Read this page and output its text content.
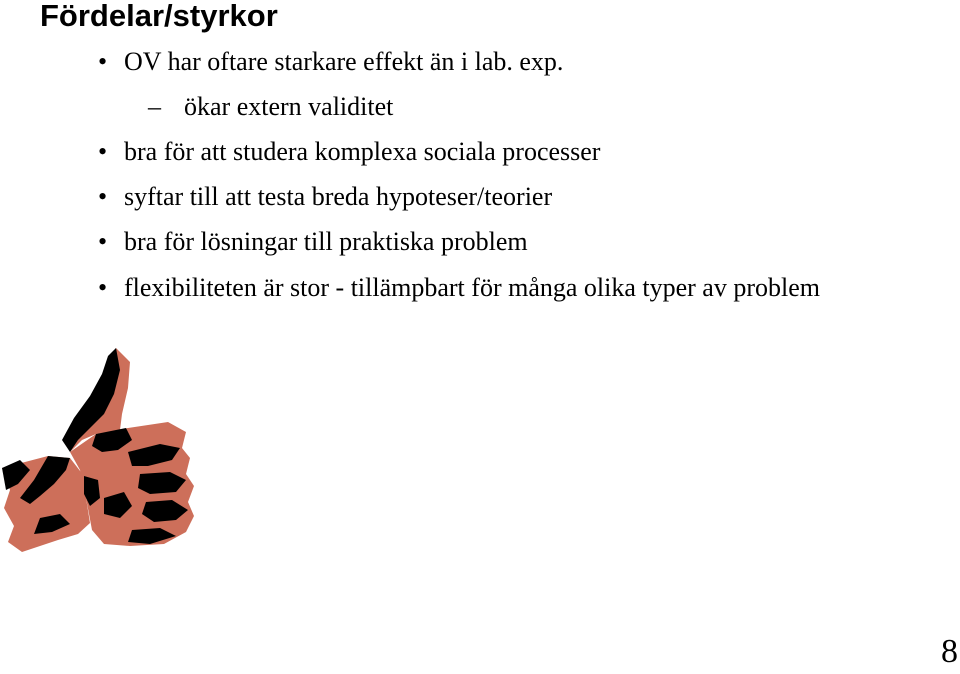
Fördelar/styrkor
• OV har oftare starkare effekt än i lab. exp.
– ökar extern validitet
• bra för att studera komplexa sociala processer
• syftar till att testa breda hypoteser/teorier
• bra för lösningar till praktiska problem
• flexibiliteten är stor - tillämpbart för många olika typer av problem
8
